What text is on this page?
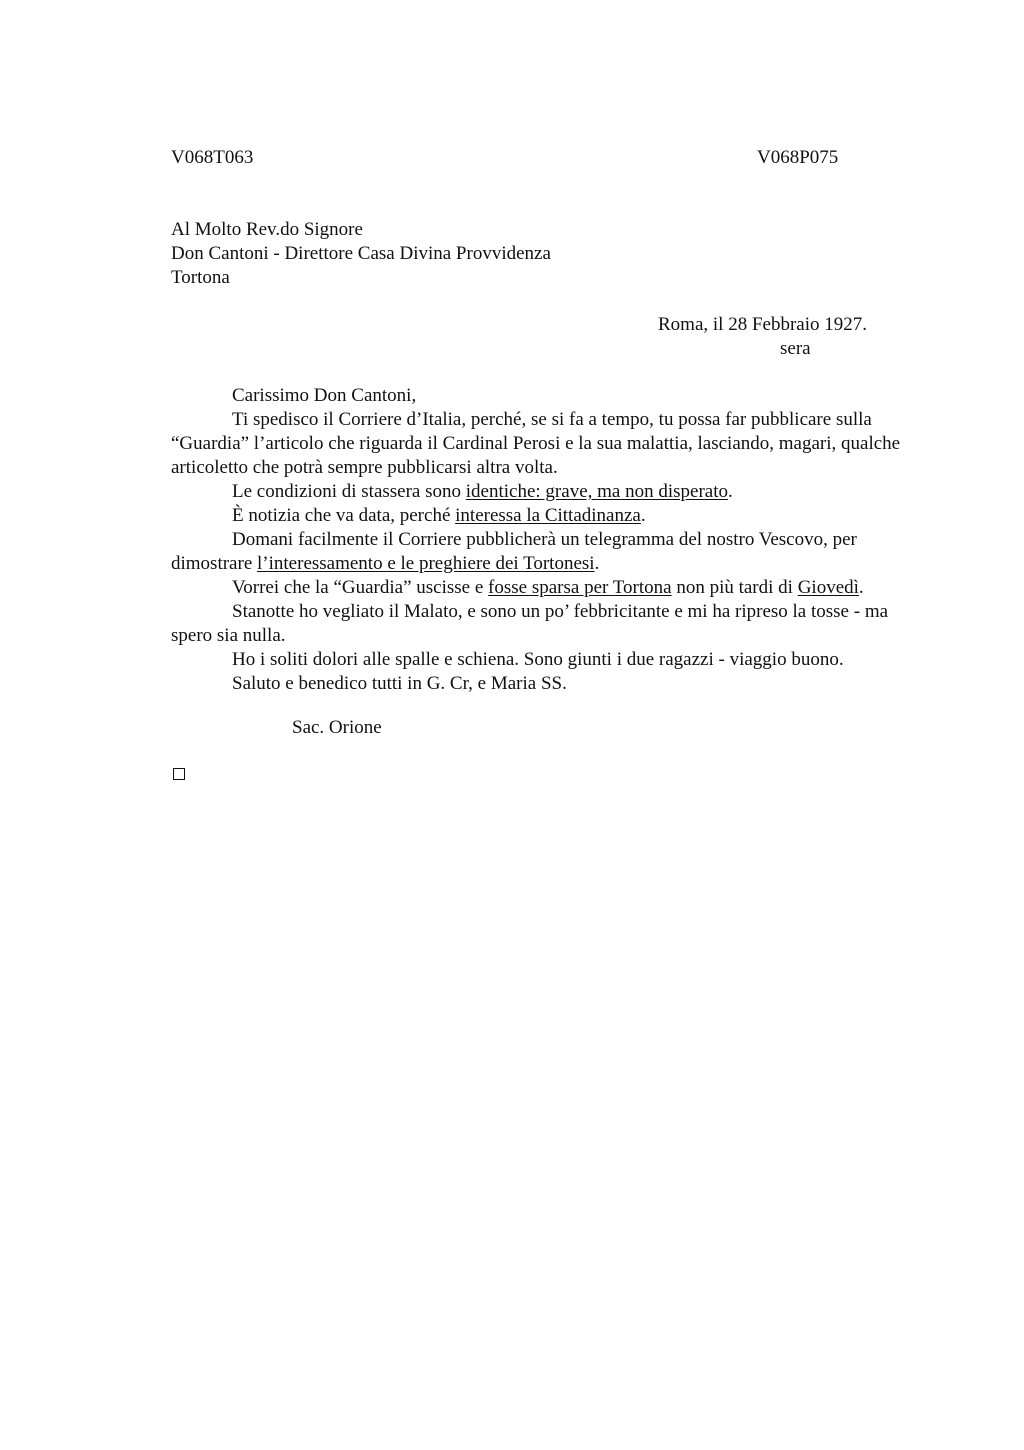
V068T063	V068P075
Al Molto Rev.do Signore
Don Cantoni - Direttore Casa Divina Provvidenza
Tortona
Roma, il 28 Febbraio 1927.
sera

Carissimo Don Cantoni,

Ti spedisco il Corriere d’Italia, perché, se si fa a tempo, tu possa far pubblicare sulla “Guardia” l’articolo che riguarda il Cardinal Perosi e la sua malattia, lasciando, magari, qualche articoletto che potrà sempre pubblicarsi altra volta.

Le condizioni di stassera sono identiche: grave, ma non disperato.

È notizia che va data, perché interessa la Cittadinanza.

Domani facilmente il Corriere pubblicherà un telegramma del nostro Vescovo, per dimostrare l’interessamento e le preghiere dei Tortonesi.

Vorrei che la “Guardia” uscisse e fosse sparsa per Tortona non più tardi di Giovedì.

Stanotte ho vegliato il Malato, e sono un po’ febbricitante e mi ha ripreso la tosse - ma spero sia nulla.

Ho i soliti dolori alle spalle e schiena. Sono giunti i due ragazzi - viaggio buono.

Saluto e benedico tutti in G. Cr, e Maria SS.

Sac. Orione
